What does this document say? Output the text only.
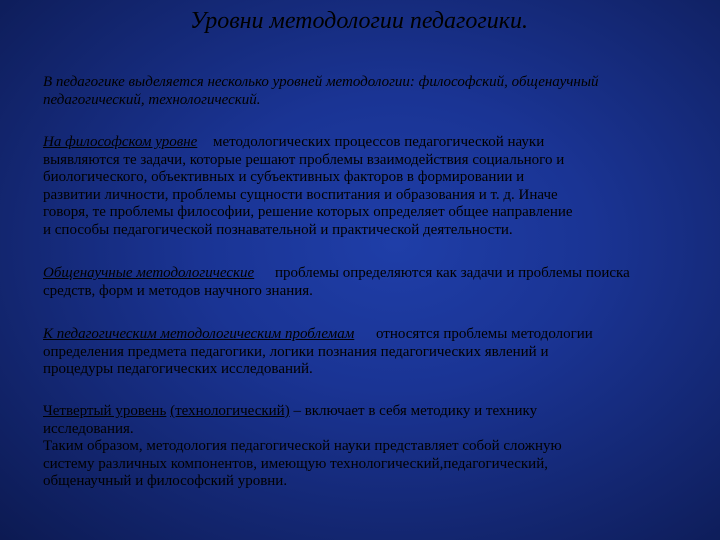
Уровни методологии педагогики.
В педагогике выделяется несколько уровней методологии: философский, общенаучный
педагогический, технологический.
На философском уровне методологических процессов педагогической науки
выявляются те задачи, которые решают проблемы взаимодействия социального и
биологического, объективных и субъективных факторов в формировании и
развитии личности, проблемы сущности воспитания и образования и т. д. Иначе
говоря, те проблемы философии, решение которых определяет общее направление
и способы педагогической познавательной и практической деятельности.
Общенаучные методологические проблемы определяются как задачи и проблемы поиска
средств, форм и методов научного знания.
К педагогическим методологическим проблемам относятся проблемы методологии
определения предмета педагогики, логики познания педагогических явлений и
процедуры педагогических исследований.
Четвертый уровень (технологический) – включает в себя методику и технику
исследования.
Таким образом, методология педагогической науки представляет собой сложную
систему различных компонентов, имеющую технологический,педагогический,
общенаучный и философский уровни.
